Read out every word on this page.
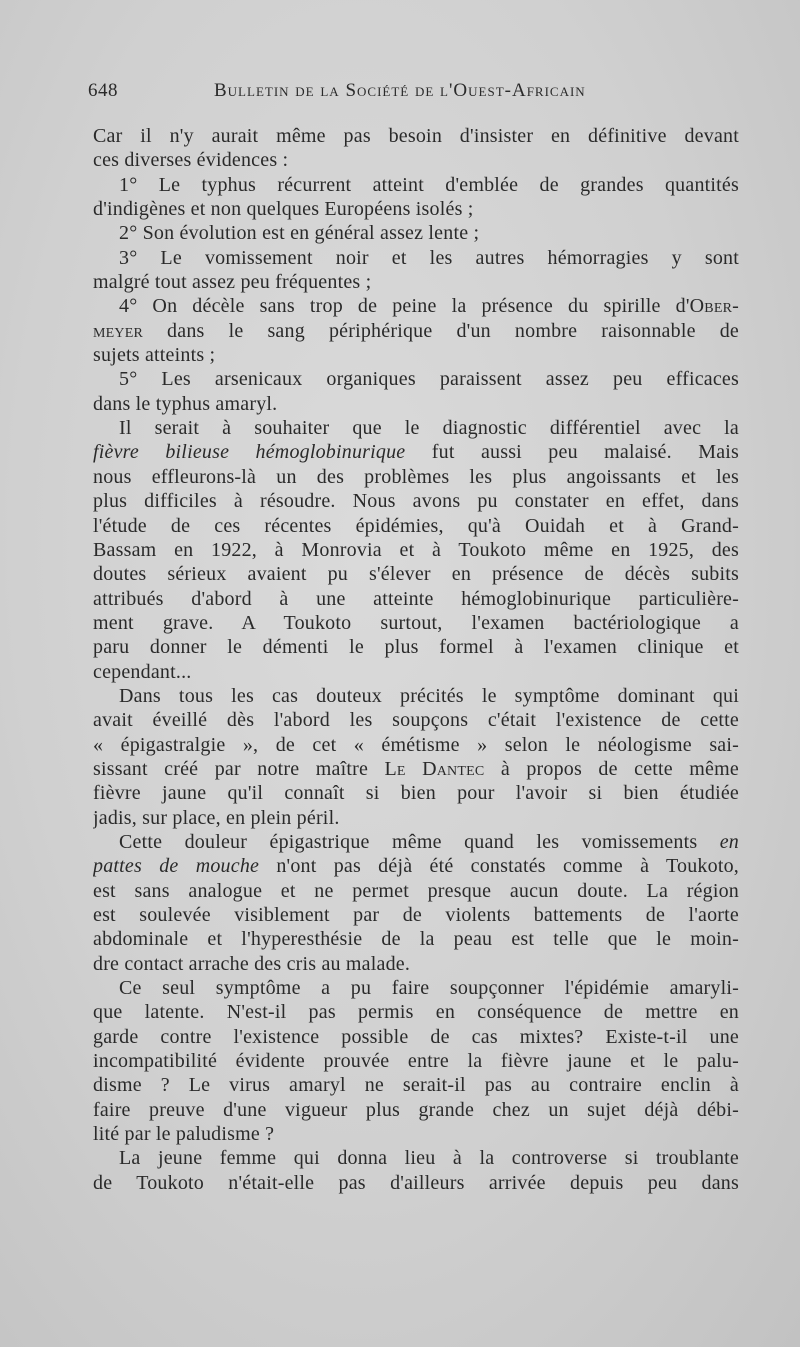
648	Bulletin de la Société de l'Ouest-Africain
Car il n'y aurait même pas besoin d'insister en définitive devant
ces diverses évidences :
1° Le typhus récurrent atteint d'emblée de grandes quantités
d'indigènes et non quelques Européens isolés ;
2° Son évolution est en général assez lente ;
3° Le vomissement noir et les autres hémorragies y sont
malgré tout assez peu fréquentes ;
4° On décèle sans trop de peine la présence du spirille d'Ober-
meyer dans le sang périphérique d'un nombre raisonnable de
sujets atteints ;
5° Les arsenicaux organiques paraissent assez peu efficaces
dans le typhus amaryl.
Il serait à souhaiter que le diagnostic différentiel avec la
fièvre bilieuse hémoglobinurique fut aussi peu malaisé. Mais
nous effleurons-là un des problèmes les plus angoissants et les
plus difficiles à résoudre. Nous avons pu constater en effet, dans
l'étude de ces récentes épidémies, qu'à Ouidah et à Grand-
Bassam en 1922, à Monrovia et à Toukoto même en 1925, des
doutes sérieux avaient pu s'élever en présence de décès subits
attribués d'abord à une atteinte hémoglobinurique particulière-
ment grave. A Toukoto surtout, l'examen bactériologique a
paru donner le démenti le plus formel à l'examen clinique et
cependant...
Dans tous les cas douteux précités le symptôme dominant qui
avait éveillé dès l'abord les soupçons c'était l'existence de cette
« épigastralgie », de cet « émétisme » selon le néologisme sai-
sissant créé par notre maître Le Dantec à propos de cette même
fièvre jaune qu'il connaît si bien pour l'avoir si bien étudiée
jadis, sur place, en plein péril.
Cette douleur épigastrique même quand les vomissements en
pattes de mouche n'ont pas déjà été constatés comme à Toukoto,
est sans analogue et ne permet presque aucun doute. La région
est soulevée visiblement par de violents battements de l'aorte
abdominale et l'hyperesthésie de la peau est telle que le moin-
dre contact arrache des cris au malade.
Ce seul symptôme a pu faire soupçonner l'épidémie amaryli-
que latente. N'est-il pas permis en conséquence de mettre en
garde contre l'existence possible de cas mixtes? Existe-t-il une
incompatibilité évidente prouvée entre la fièvre jaune et le palu-
disme ? Le virus amaryl ne serait-il pas au contraire enclin à
faire preuve d'une vigueur plus grande chez un sujet déjà débi-
lité par le paludisme ?
La jeune femme qui donna lieu à la controverse si troublante
de Toukoto n'était-elle pas d'ailleurs arrivée depuis peu dans
